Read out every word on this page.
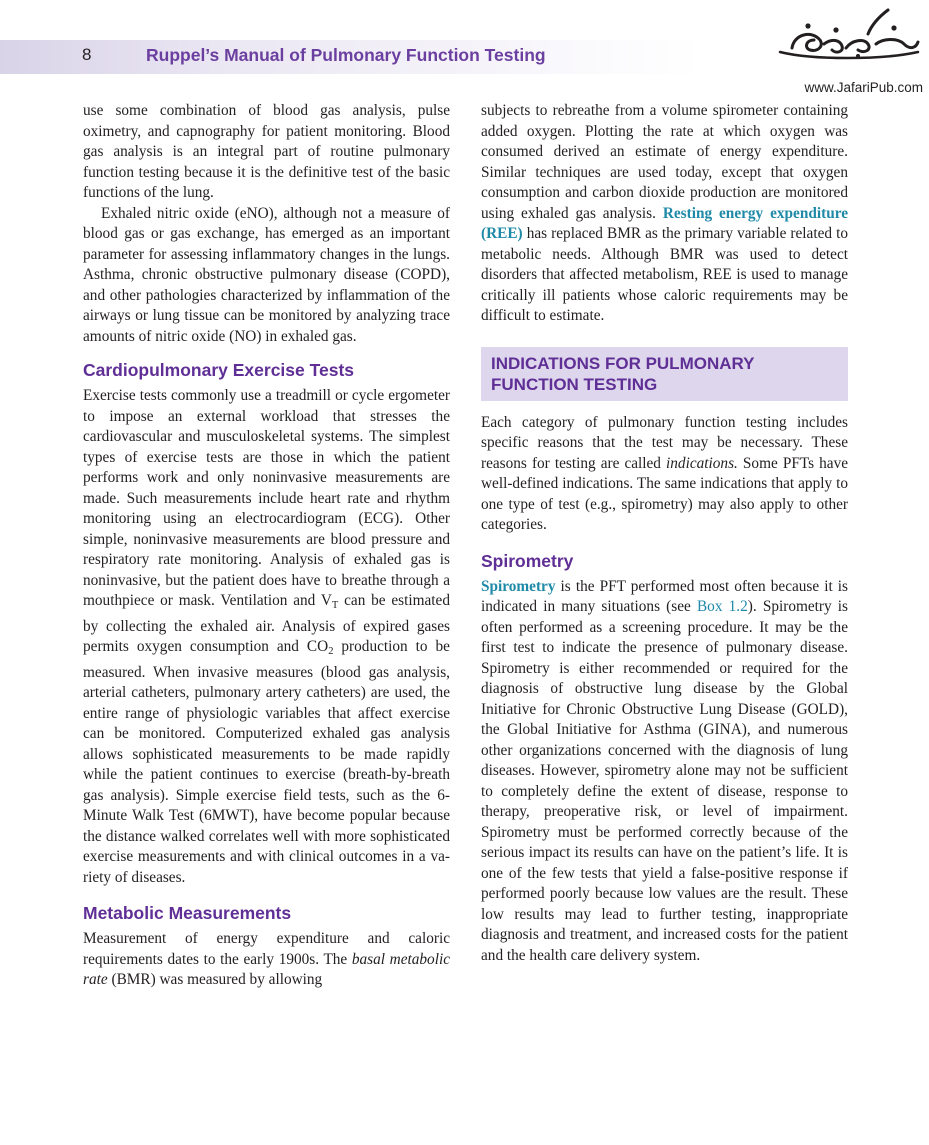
8	Ruppel’s Manual of Pulmonary Function Testing
www.JafariPub.com

use some combination of blood gas analysis, pulse oximetry, and capnography for patient monitoring. Blood gas analysis is an integral part of routine pulmonary function testing because it is the definitive test of the basic functions of the lung.

Exhaled nitric oxide (eNO), although not a measure of blood gas or gas exchange, has emerged as an important parameter for assessing inflammatory changes in the lungs. Asthma, chronic obstructive pulmonary disease (COPD), and other pathologies characterized by inflammation of the airways or lung tissue can be monitored by analyzing trace amounts of nitric oxide (NO) in exhaled gas.

Cardiopulmonary Exercise Tests

Exercise tests commonly use a treadmill or cycle ergometer to impose an external workload that stresses the cardiovascular and musculoskeletal systems. The simplest types of exercise tests are those in which the patient performs work and only noninvasive measurements are made. Such measurements include heart rate and rhythm monitoring using an electrocardiogram (ECG). Other simple, noninvasive measurements are blood pressure and respiratory rate monitoring. Analysis of exhaled gas is noninvasive, but the patient does have to breathe through a mouthpiece or mask. Ventilation and $V_T$ can be estimated by collecting the exhaled air. Analysis of expired gases permits oxygen consumption and $CO_2$ production to be measured. When invasive measures (blood gas analysis, arterial catheters, pulmonary artery catheters) are used, the entire range of physiologic variables that affect exercise can be monitored. Computerized exhaled gas analysis allows sophisticated measurements to be made rapidly while the patient continues to exercise (breath-by-breath gas analysis). Simple exercise field tests, such as the 6-Minute Walk Test (6MWT), have become popular because the distance walked correlates well with more sophisticated exercise measurements and with clinical outcomes in a variety of diseases.

Metabolic Measurements

Measurement of energy expenditure and caloric requirements dates to the early 1900s. The basal metabolic rate (BMR) was measured by allowing

subjects to rebreathe from a volume spirometer containing added oxygen. Plotting the rate at which oxygen was consumed derived an estimate of energy expenditure. Similar techniques are used today, except that oxygen consumption and carbon dioxide production are monitored using exhaled gas analysis. Resting energy expenditure (REE) has replaced BMR as the primary variable related to metabolic needs. Although BMR was used to detect disorders that affected metabolism, REE is used to manage critically ill patients whose caloric requirements may be difficult to estimate.

INDICATIONS FOR PULMONARY
FUNCTION TESTING

Each category of pulmonary function testing includes specific reasons that the test may be necessary. These reasons for testing are called indications. Some PFTs have well-defined indications. The same indications that apply to one type of test (e.g., spirometry) may also apply to other categories.

Spirometry

Spirometry is the PFT performed most often because it is indicated in many situations (see Box 1.2). Spirometry is often performed as a screening procedure. It may be the first test to indicate the presence of pulmonary disease. Spirometry is either recommended or required for the diagnosis of obstructive lung disease by the Global Initiative for Chronic Obstructive Lung Disease (GOLD), the Global Initiative for Asthma (GINA), and numerous other organizations concerned with the diagnosis of lung diseases. However, spirometry alone may not be sufficient to completely define the extent of disease, response to therapy, preoperative risk, or level of impairment. Spirometry must be performed correctly because of the serious impact its results can have on the patient’s life. It is one of the few tests that yield a false-positive response if performed poorly because low values are the result. These low results may lead to further testing, inappropriate diagnosis and treatment, and increased costs for the patient and the health care delivery system.
